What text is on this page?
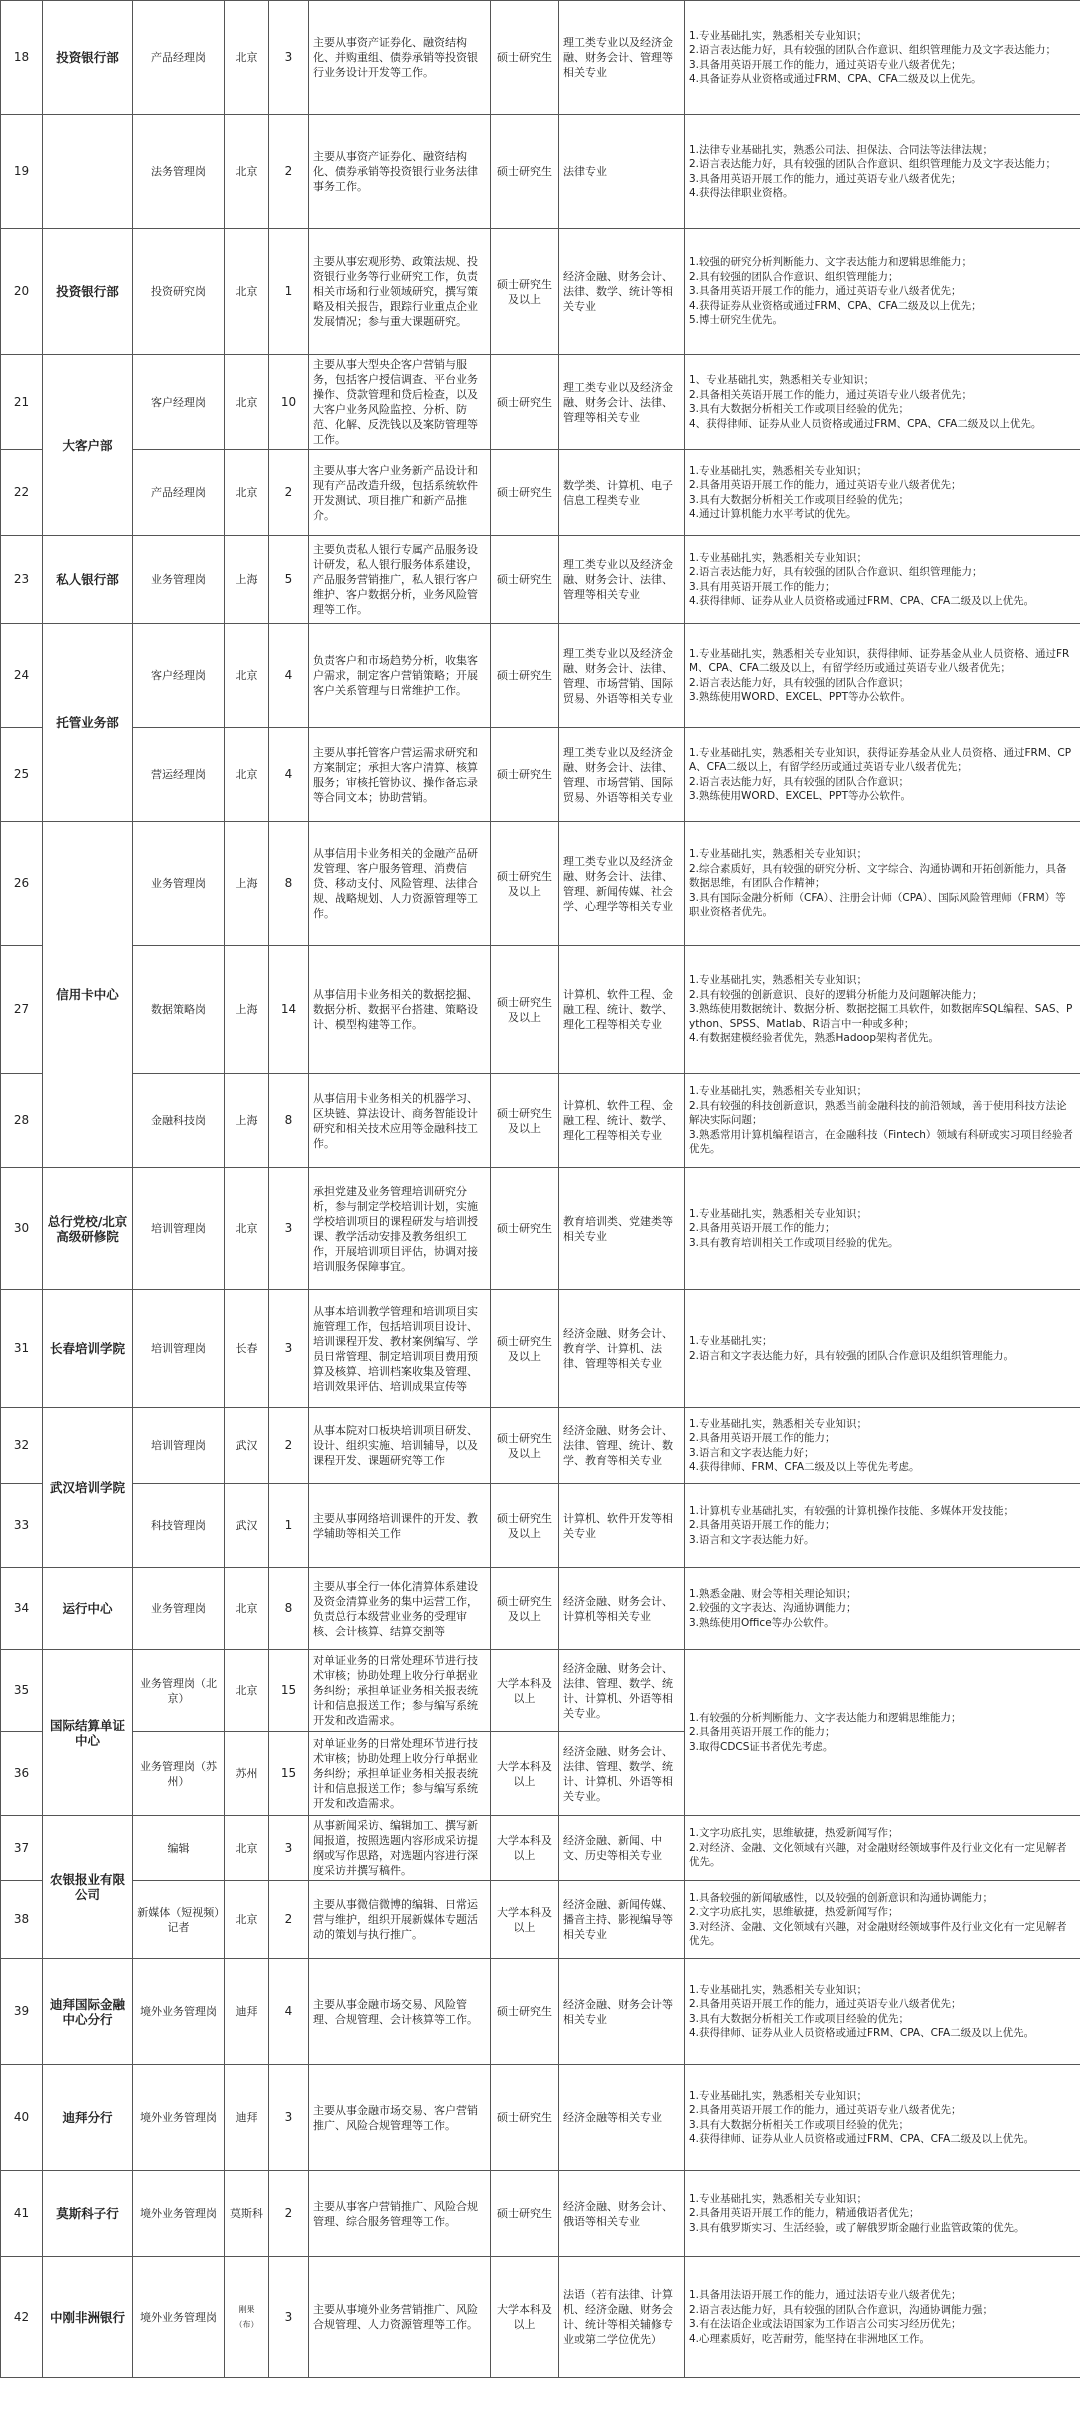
18	投资银行部	产品经理岗	北京	3	主要从事资产证券化、融资结构化、并购重组、债券承销等投资银行业务设计开发等工作。	硕士研究生	理工类专业以及经济金融、财务会计、管理等相关专业	1.专业基础扎实，熟悉相关专业知识；
2.语言表达能力好，具有较强的团队合作意识、组织管理能力及文字表达能力；
3.具备用英语开展工作的能力，通过英语专业八级者优先；
4.具备证券从业资格或通过FRM、CPA、CFA二级及以上优先。

19		法务管理岗	北京	2	主要从事资产证券化、融资结构化、债券承销等投资银行业务法律事务工作。	硕士研究生	法律专业	1.法律专业基础扎实，熟悉公司法、担保法、合同法等法律法规；
2.语言表达能力好，具有较强的团队合作意识、组织管理能力及文字表达能力；
3.具备用英语开展工作的能力，通过英语专业八级者优先；
4.获得法律职业资格。

20	投资银行部	投资研究岗	北京	1	主要从事宏观形势、政策法规、投资银行业务等行业研究工作，负责相关市场和行业领域研究，撰写策略及相关报告，跟踪行业重点企业发展情况；参与重大课题研究。	硕士研究生及以上	经济金融、财务会计、法律、数学、统计等相关专业	1.较强的研究分析判断能力、文字表达能力和逻辑思维能力；
2.具有较强的团队合作意识、组织管理能力；
3.具备用英语开展工作的能力，通过英语专业八级者优先；
4.获得证券从业资格或通过FRM、CPA、CFA二级及以上优先；
5.博士研究生优先。

21	大客户部	客户经理岗	北京	10	主要从事大型央企客户营销与服务，包括客户授信调查、平台业务操作、贷款管理和贷后检查，以及大客户业务风险监控、分析、防范、化解、反洗钱以及案防管理等工作。	硕士研究生	理工类专业以及经济金融、财务会计、法律、管理等相关专业	1、专业基础扎实，熟悉相关专业知识；
2.具备相关英语开展工作的能力，通过英语专业八级者优先；
3.具有大数据分析相关工作或项目经验的优先；
4、获得律师、证券从业人员资格或通过FRM、CPA、CFA二级及以上优先。

22		产品经理岗	北京	2	主要从事大客户业务新产品设计和现有产品改造升级，包括系统软件开发测试、项目推广和新产品推介。	硕士研究生	数学类、计算机、电子信息工程类专业	1.专业基础扎实，熟悉相关专业知识；
2.具备用英语开展工作的能力，通过英语专业八级者优先；
3.具有大数据分析相关工作或项目经验的优先；
4.通过计算机能力水平考试的优先。

23	私人银行部	业务管理岗	上海	5	主要负责私人银行专属产品服务设计研发，私人银行服务体系建设，产品服务营销推广，私人银行客户维护、客户数据分析，业务风险管理等工作。	硕士研究生	理工类专业以及经济金融、财务会计、法律、管理等相关专业	1.专业基础扎实，熟悉相关专业知识；
2.语言表达能力好，具有较强的团队合作意识、组织管理能力；
3.具有用英语开展工作的能力；
4.获得律师、证券从业人员资格或通过FRM、CPA、CFA二级及以上优先。

24	托管业务部	客户经理岗	北京	4	负责客户和市场趋势分析，收集客户需求，制定客户营销策略；开展客户关系管理与日常维护工作。	硕士研究生	理工类专业以及经济金融、财务会计、法律、管理、市场营销、国际贸易、外语等相关专业	1.专业基础扎实，熟悉相关专业知识，获得律师、证券基金从业人员资格、通过FRM、CPA、CFA二级及以上，有留学经历或通过英语专业八级者优先；
2.语言表达能力好，具有较强的团队合作意识；
3.熟练使用WORD、EXCEL、PPT等办公软件。

25		营运经理岗	北京	4	主要从事托管客户营运需求研究和方案制定；承担大客户清算、核算服务；审核托管协议、操作备忘录等合同文本；协助营销。	硕士研究生	理工类专业以及经济金融、财务会计、法律、管理、市场营销、国际贸易、外语等相关专业	1.专业基础扎实，熟悉相关专业知识，获得证券基金从业人员资格、通过FRM、CPA、CFA二级以上，有留学经历或通过英语专业八级者优先；
2.语言表达能力好，具有较强的团队合作意识；
3.熟练使用WORD、EXCEL、PPT等办公软件。

26	信用卡中心	业务管理岗	上海	8	从事信用卡业务相关的金融产品研发管理、客户服务管理、消费信贷、移动支付、风险管理、法律合规、战略规划、人力资源管理等工作。	硕士研究生及以上	理工类专业以及经济金融、财务会计、法律、管理、新闻传媒、社会学、心理学等相关专业	1.专业基础扎实，熟悉相关专业知识；
2.综合素质好，具有较强的研究分析、文字综合、沟通协调和开拓创新能力，具备数据思维，有团队合作精神；
3.具有国际金融分析师（CFA）、注册会计师（CPA）、国际风险管理师（FRM）等职业资格者优先。

27		数据策略岗	上海	14	从事信用卡业务相关的数据挖掘、数据分析、数据平台搭建、策略设计、模型构建等工作。	硕士研究生及以上	计算机、软件工程、金融工程、统计、数学、理化工程等相关专业	1.专业基础扎实，熟悉相关专业知识；
2.具有较强的创新意识、良好的逻辑分析能力及问题解决能力；
3.熟练使用数据统计、数据分析、数据挖掘工具软件，如数据库SQL编程、SAS、Python、SPSS、Matlab、R语言中一种或多种；
4.有数据建模经验者优先，熟悉Hadoop架构者优先。

28		金融科技岗	上海	8	从事信用卡业务相关的机器学习、区块链、算法设计、商务智能设计研究和相关技术应用等金融科技工作。	硕士研究生及以上	计算机、软件工程、金融工程、统计、数学、理化工程等相关专业	1.专业基础扎实，熟悉相关专业知识；
2.具有较强的科技创新意识，熟悉当前金融科技的前沿领域，善于使用科技方法论解决实际问题；
3.熟悉常用计算机编程语言，在金融科技（Fintech）领域有科研或实习项目经验者优先。

30	总行党校/北京高级研修院	培训管理岗	北京	3	承担党建及业务管理培训研究分析，参与制定学校培训计划，实施学校培训项目的课程研发与培训授课、教学活动安排及教务组织工作，开展培训项目评估，协调对接培训服务保障事宜。	硕士研究生	教育培训类、党建类等相关专业	1.专业基础扎实，熟悉相关专业知识；
2.具备用英语开展工作的能力；
3.具有教育培训相关工作或项目经验的优先。

31	长春培训学院	培训管理岗	长春	3	从事本培训教学管理和培训项目实施管理工作，包括培训项目设计、培训课程开发、教材案例编写、学员日常管理、制定培训项目费用预算及核算、培训档案收集及管理、培训效果评估、培训成果宣传等	硕士研究生及以上	经济金融、财务会计、教育学、计算机、法律、管理等相关专业	1.专业基础扎实；
2.语言和文字表达能力好，具有较强的团队合作意识及组织管理能力。

32	武汉培训学院	培训管理岗	武汉	2	从事本院对口板块培训项目研发、设计、组织实施、培训辅导，以及课程开发、课题研究等工作	硕士研究生及以上	经济金融、财务会计、法律、管理、统计、数学、教育等相关专业	1.专业基础扎实，熟悉相关专业知识；
2.具备用英语开展工作的能力；
3.语言和文字表达能力好；
4.获得律师、FRM、CFA二级及以上等优先考虑。

33		科技管理岗	武汉	1	主要从事网络培训课件的开发、教学辅助等相关工作	硕士研究生及以上	计算机、软件开发等相关专业	1.计算机专业基础扎实，有较强的计算机操作技能、多媒体开发技能；
2.具备用英语开展工作的能力；
3.语言和文字表达能力好。

34	运行中心	业务管理岗	北京	8	主要从事全行一体化清算体系建设及资金清算业务的集中运营工作，负责总行本级营业业务的受理审核、会计核算、结算交割等	硕士研究生及以上	经济金融、财务会计、计算机等相关专业	1.熟悉金融、财会等相关理论知识；
2.较强的文字表达、沟通协调能力；
3.熟练使用Office等办公软件。

35	国际结算单证中心	业务管理岗（北京）	北京	15	对单证业务的日常处理环节进行技术审核；协助处理上收分行单据业务纠纷；承担单证业务相关报表统计和信息报送工作；参与编写系统开发和改造需求。	大学本科及以上	经济金融、财务会计、法律、管理、数学、统计、计算机、外语等相关专业。	1.有较强的分析判断能力、文字表达能力和逻辑思维能力；
2.具备用英语开展工作的能力；
3.取得CDCS证书者优先考虑。

36		业务管理岗（苏州）	苏州	15	对单证业务的日常处理环节进行技术审核；协助处理上收分行单据业务纠纷；承担单证业务相关报表统计和信息报送工作；参与编写系统开发和改造需求。	大学本科及以上	经济金融、财务会计、法律、管理、数学、统计、计算机、外语等相关专业。	
37	农银报业有限公司	编辑	北京	3	从事新闻采访、编辑加工、撰写新闻报道，按照选题内容形成采访提纲或写作思路，对选题内容进行深度采访并撰写稿件。	大学本科及以上	经济金融、新闻、中文、历史等相关专业	1.文字功底扎实，思维敏捷，热爱新闻写作；
2.对经济、金融、文化领域有兴趣，对金融财经领域事件及行业文化有一定见解者优先。

38		新媒体（短视频）记者	北京	2	主要从事微信微博的编辑、日常运营与维护，组织开展新媒体专题活动的策划与执行推广。	大学本科及以上	经济金融、新闻传媒、播音主持、影视编导等相关专业	1.具备较强的新闻敏感性，以及较强的创新意识和沟通协调能力；
2.文字功底扎实，思维敏捷，热爱新闻写作；
3.对经济、金融、文化领域有兴趣，对金融财经领域事件及行业文化有一定见解者优先。

39	迪拜国际金融中心分行	境外业务管理岗	迪拜	4	主要从事金融市场交易、风险管理、合规管理、会计核算等工作。	硕士研究生	经济金融、财务会计等相关专业	1.专业基础扎实，熟悉相关专业知识；
2.具备用英语开展工作的能力，通过英语专业八级者优先；
3.具有大数据分析相关工作或项目经验的优先；
4.获得律师、证券从业人员资格或通过FRM、CPA、CFA二级及以上优先。

40	迪拜分行	境外业务管理岗	迪拜	3	主要从事金融市场交易、客户营销推广、风险合规管理等工作。	硕士研究生	经济金融等相关专业	1.专业基础扎实，熟悉相关专业知识；
2.具备用英语开展工作的能力，通过英语专业八级者优先；
3.具有大数据分析相关工作或项目经验的优先；
4.获得律师、证券从业人员资格或通过FRM、CPA、CFA二级及以上优先。

41	莫斯科子行	境外业务管理岗	莫斯科	2	主要从事客户营销推广、风险合规管理、综合服务管理等工作。	硕士研究生	经济金融、财务会计、俄语等相关专业	1.专业基础扎实，熟悉相关专业知识；
2.具备用英语开展工作的能力，精通俄语者优先；
3.具有俄罗斯实习、生活经验，或了解俄罗斯金融行业监管政策的优先。

42	中刚非洲银行	境外业务管理岗	刚果（布）	3	主要从事境外业务营销推广、风险合规管理、人力资源管理等工作。	大学本科及以上	法语（若有法律、计算机、经济金融、财务会计、统计等相关辅修专业或第二学位优先）	1.具备用法语开展工作的能力，通过法语专业八级者优先；
2.语言表达能力好，具有较强的团队合作意识，沟通协调能力强；
3.有在法语企业或法语国家为工作语言公司实习经历优先；
4.心理素质好，吃苦耐劳，能坚持在非洲地区工作。
